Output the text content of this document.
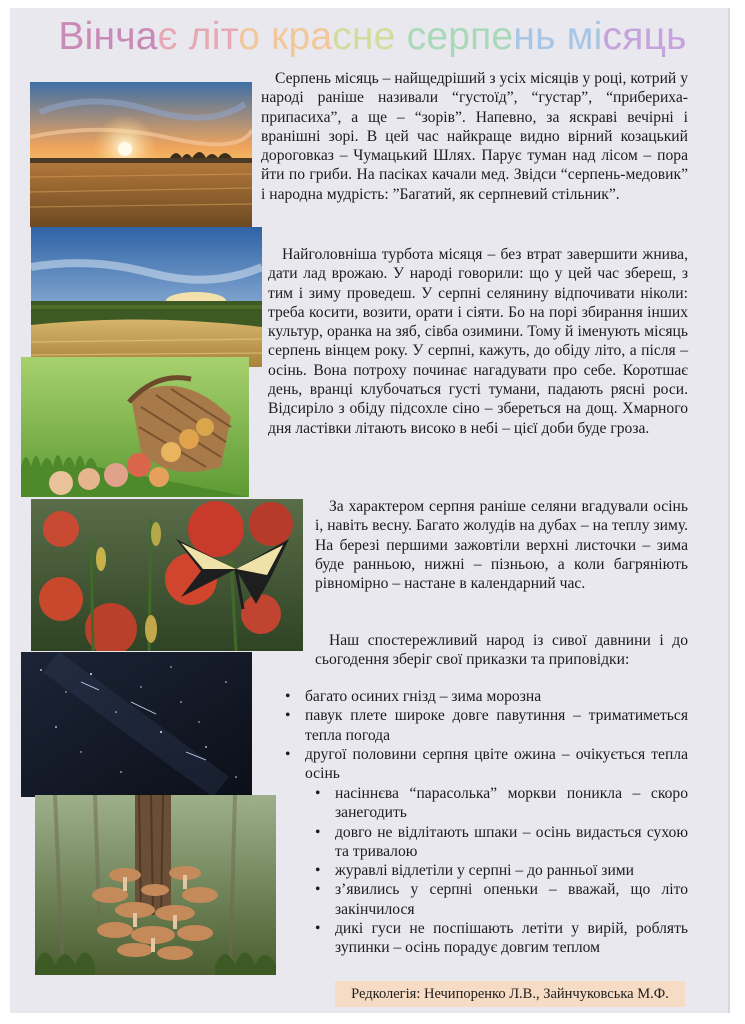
Вінчає літо красне серпень місяць

Серпень місяць – найщедріший з усіх місяців у році, котрий у народі раніше називали “густоїд”, “густар”, “прибериха-припасиха”, а ще – “зорів”. Напевно, за яскраві вечірні і вранішні зорі. В цей час найкраще видно вірний козацький дороговказ – Чумацький Шлях. Парує туман над лісом – пора йти по гриби. На пасіках качали мед. Звідси “серпень-медовик” і народна мудрість: ”Багатий, як серпневий стільник”.

Найголовніша турбота місяця – без втрат завершити жнива, дати лад врожаю. У народі говорили: що у цей час збереш, з тим і зиму проведеш. У серпні селянину відпочивати ніколи: треба косити, возити, орати і сіяти. Бо на порі збирання інших культур, оранка на зяб, сівба озимини. Тому й іменують місяць серпень вінцем року. У серпні, кажуть, до обіду літо, а після – осінь. Вона потроху починає нагадувати про себе. Коротшає день, вранці клубочаться густі тумани, падають рясні роси. Відсиріло з обіду підсохле сіно – збереться на дощ. Хмарного дня ластівки літають високо в небі – цієї доби буде гроза.

За характером серпня раніше селяни вгадували осінь і, навіть весну. Багато жолудів на дубах – на теплу зиму. На березі першими зажовтіли верхні листочки – зима буде ранньою, нижні – пізньою, а коли багряніють рівномірно – настане в календарний час.

Наш спостережливий народ із сивої давнини і до сьогодення зберіг свої приказки та приповідки:

• багато осиних гнізд – зима морозна
• павук плете широке довге павутиння – триматиметься тепла погода
• другої половини серпня цвіте ожина – очікується тепла осінь
• насіннєва “парасолька” моркви поникла – скоро занегодить
• довго не відлітають шпаки – осінь видасться сухою та тривалою
• журавлі відлетіли у серпні – до ранньої зими
• з’явились у серпні опеньки – вважай, що літо закінчилося
• дикі гуси не поспішають летіти у вирій, роблять зупинки – осінь порадує довгим теплом
Редколегія: Нечипоренко Л.В., Зайнчуковська М.Ф.
